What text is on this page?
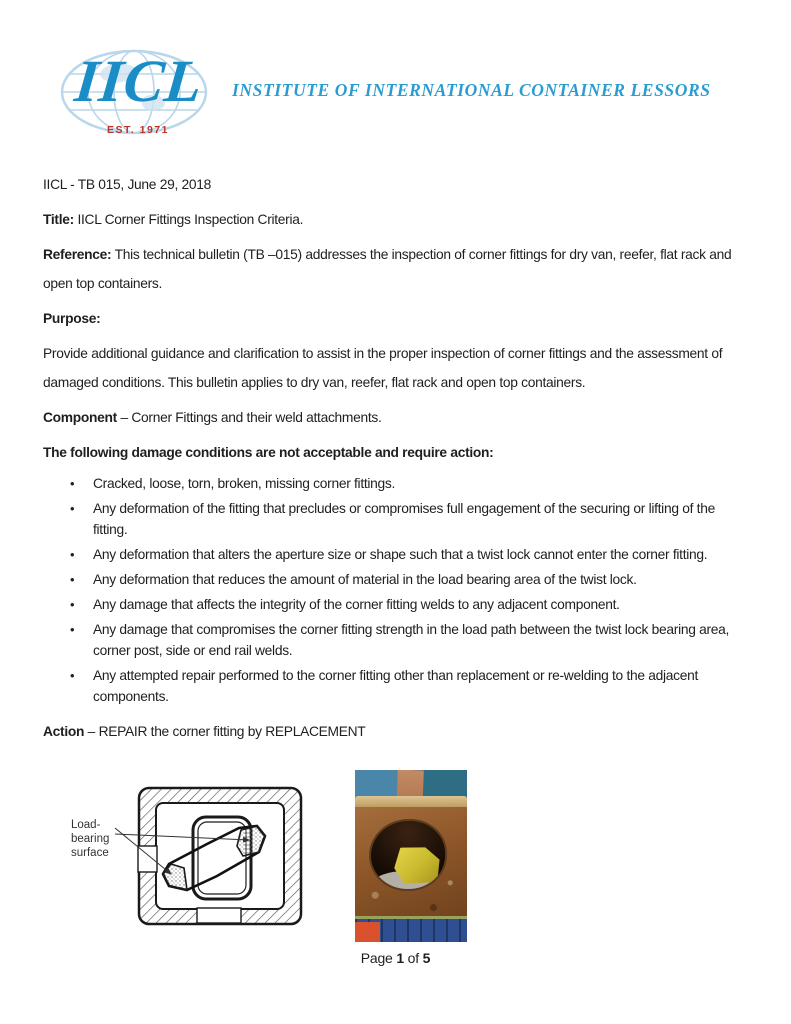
IICL
EST. 1971
INSTITUTE OF INTERNATIONAL CONTAINER LESSORS

IICL - TB 015, June 29, 2018

Title: IICL Corner Fittings Inspection Criteria.

Reference: This technical bulletin (TB –015) addresses the inspection of corner fittings for dry van, reefer, flat rack and open top containers.

Purpose:

Provide additional guidance and clarification to assist in the proper inspection of corner fittings and the assessment of damaged conditions. This bulletin applies to dry van, reefer, flat rack and open top containers.

Component – Corner Fittings and their weld attachments.

The following damage conditions are not acceptable and require action:

• Cracked, loose, torn, broken, missing corner fittings.
• Any deformation of the fitting that precludes or compromises full engagement of the securing or lifting of the fitting.
• Any deformation that alters the aperture size or shape such that a twist lock cannot enter the corner fitting.
• Any deformation that reduces the amount of material in the load bearing area of the twist lock.
• Any damage that affects the integrity of the corner fitting welds to any adjacent component.
• Any damage that compromises the corner fitting strength in the load path between the twist lock bearing area, corner post, side or end rail welds.
• Any attempted repair performed to the corner fitting other than replacement or re-welding to the adjacent components.

Action – REPAIR the corner fitting by REPLACEMENT

Load-
bearing
surface
Page 1 of 5
